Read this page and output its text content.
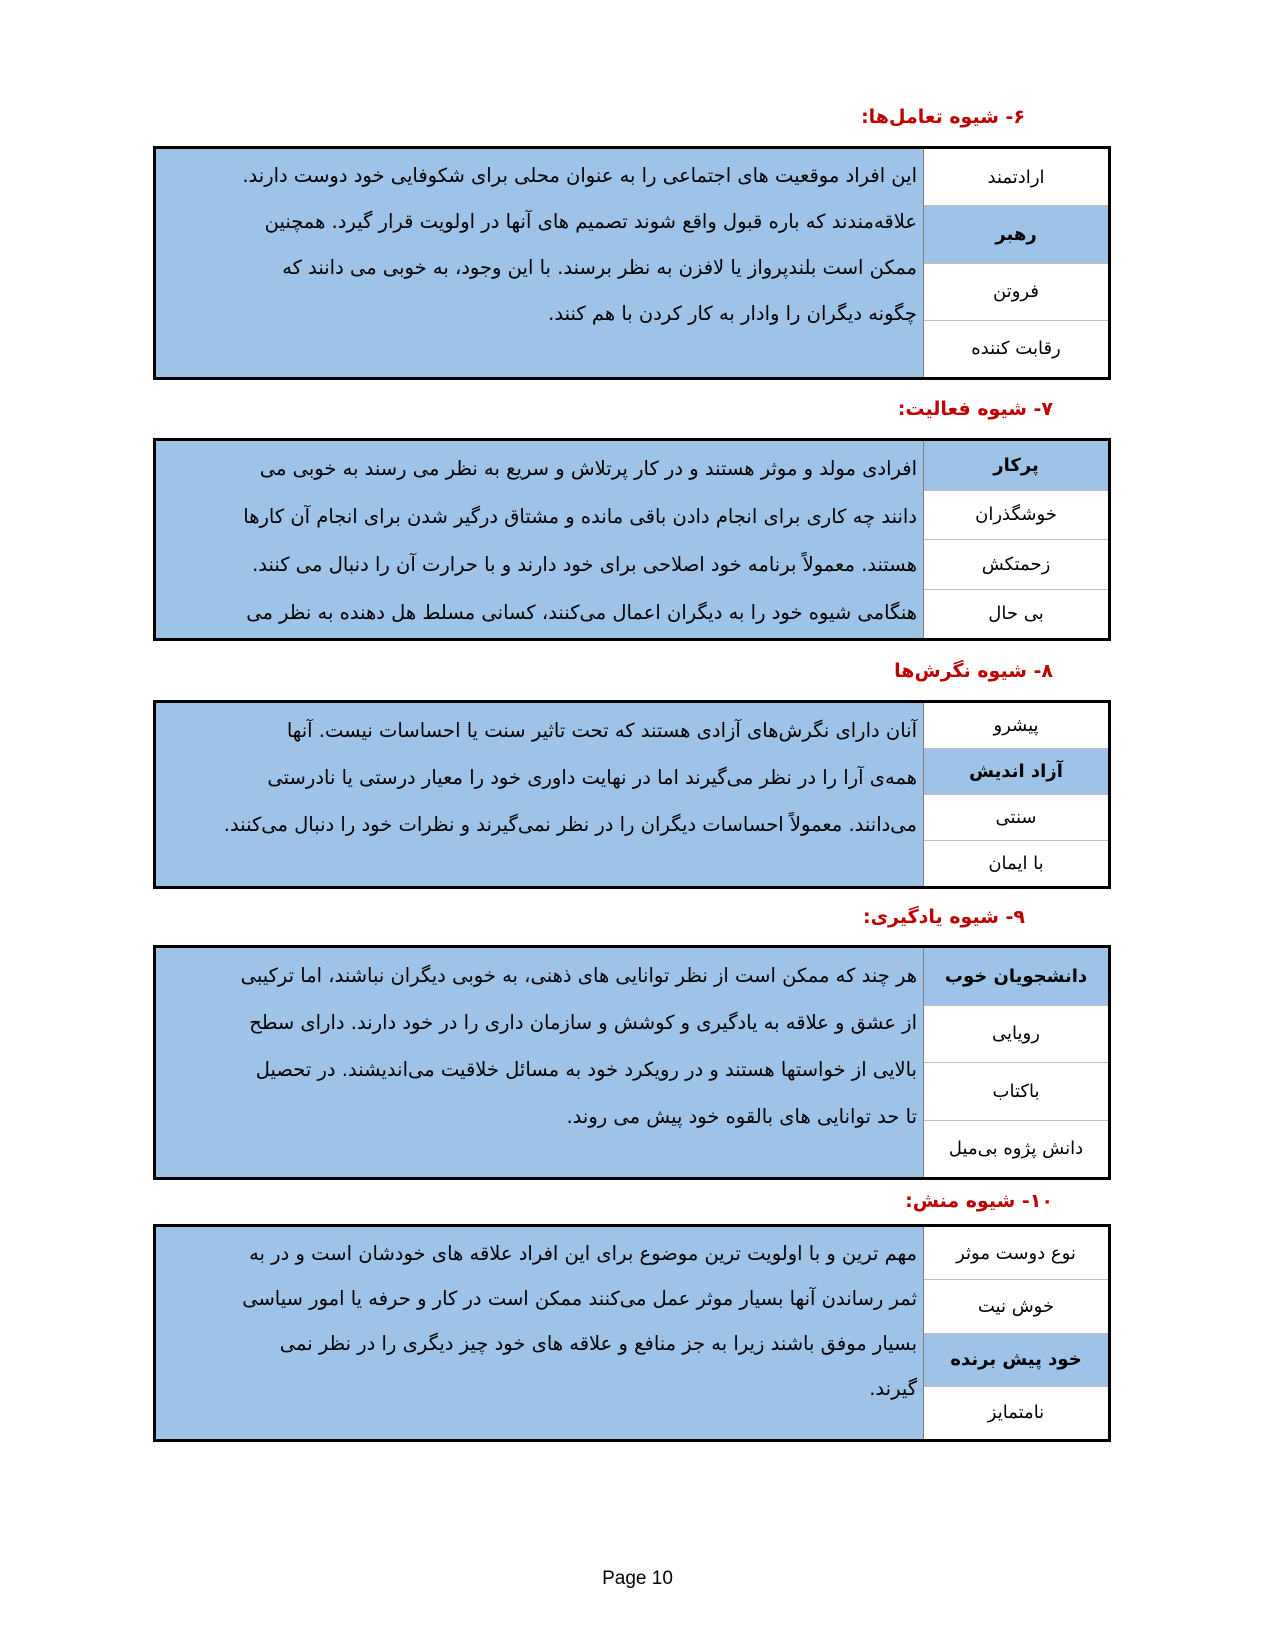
۶- شیوه تعامل‌ها:
این افراد موقعیت های اجتماعی را به عنوان محلی برای شکوفایی خود دوست دارند.
علاقه‌مندند که باره قبول واقع شوند تصمیم های آنها در اولویت قرار گیرد. همچنین
ممکن است بلندپرواز یا لافزن به نظر برسند. با این وجود، به خوبی می دانند که
چگونه دیگران را وادار به کار کردن با هم کنند.
ارادتمند
رهبر
فروتن
رقابت کننده
۷- شیوه فعالیت:
افرادی مولد و موثر هستند و در کار پرتلاش و سریع به نظر می رسند به خوبی می
دانند چه کاری برای انجام دادن باقی مانده و مشتاق درگیر شدن برای انجام آن کارها
هستند. معمولاً برنامه خود اصلاحی برای خود دارند و با حرارت آن را دنبال می کنند.
هنگامی شیوه خود را به دیگران اعمال می‌کنند، کسانی مسلط هل دهنده به نظر می
پرکار
خوشگذران
زحمتکش
بی حال
۸- شیوه نگرش‌ها
آنان دارای نگرش‌های آزادی هستند که تحت تاثیر سنت یا احساسات نیست. آنها
همه‌ی آرا را در نظر می‌گیرند اما در نهایت داوری خود را معیار درستی یا نادرستی
می‌دانند. معمولاً احساسات دیگران را در نظر نمی‌گیرند و نظرات خود را دنبال می‌کنند.
پیشرو
آزاد اندیش
سنتی
با ایمان
۹- شیوه یادگیری:
هر چند که ممکن است از نظر توانایی های ذهنی، به خوبی دیگران نباشند، اما ترکیبی
از عشق و علاقه به یادگیری و کوشش و سازمان داری را در خود دارند. دارای سطح
بالایی از خواستها هستند و در رویکرد خود به مسائل خلاقیت می‌اندیشند. در تحصیل
تا حد توانایی های بالقوه خود پیش می روند.
دانشجویان خوب
رویایی
باکتاب
دانش پژوه بی‌میل
۱۰- شیوه منش:
مهم ترین و با اولویت ترین موضوع برای این افراد علاقه های خودشان است و در به
ثمر رساندن آنها بسیار موثر عمل می‌کنند ممکن است در کار و حرفه یا امور سیاسی
بسیار موفق باشند زیرا به جز منافع و علاقه های خود چیز دیگری را در نظر نمی
گیرند.
نوع دوست موثر
خوش نیت
خود پیش برنده
نامتمایز
Page 10
